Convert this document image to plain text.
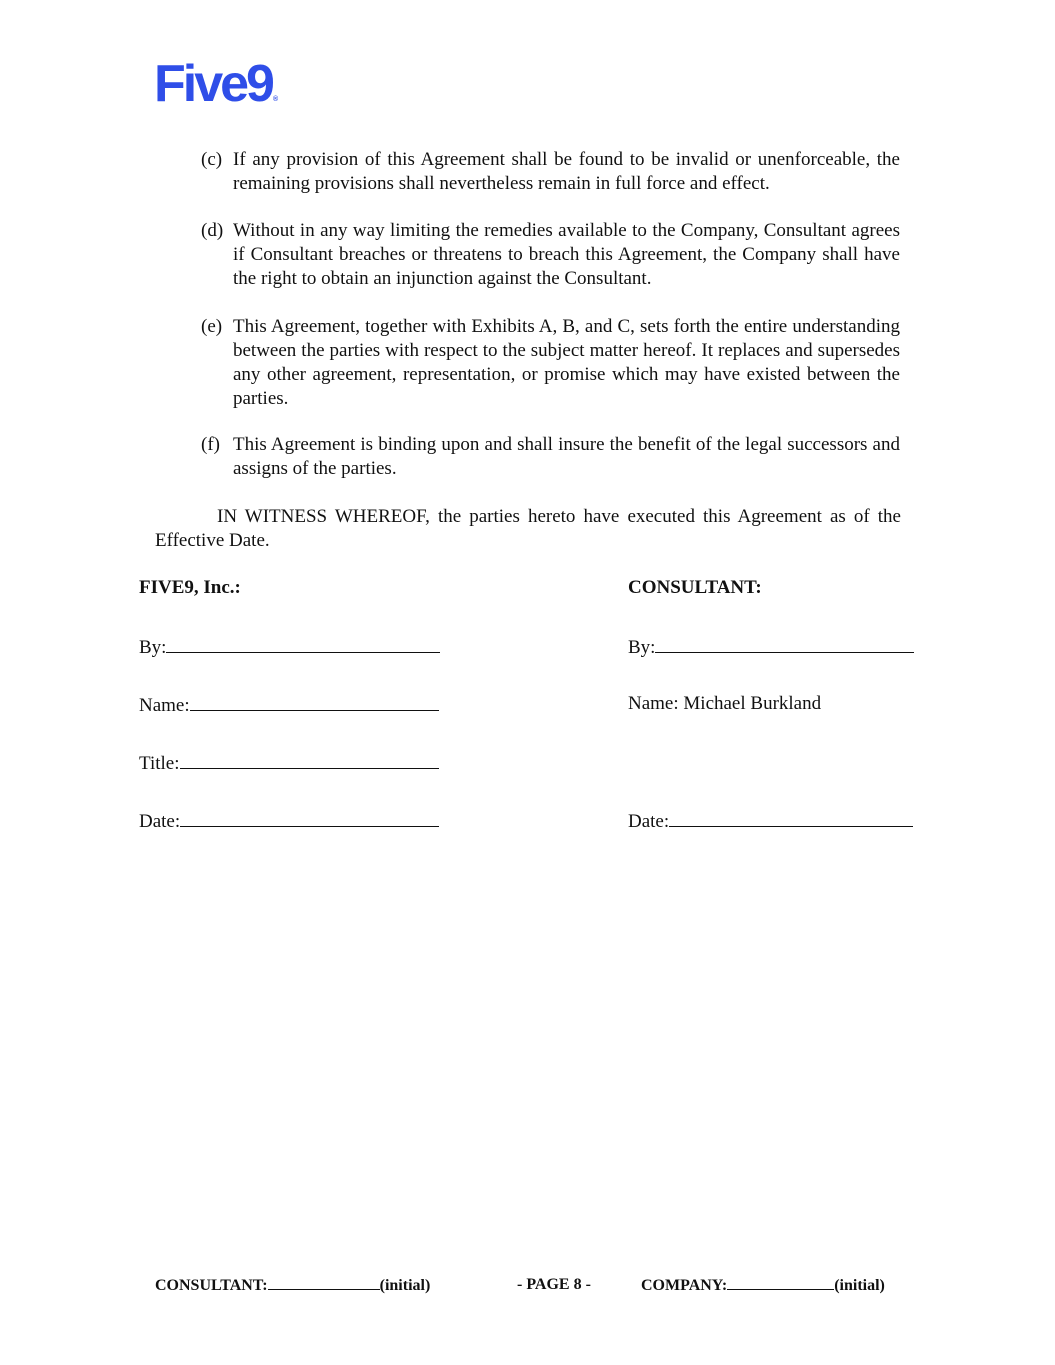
Five9®
(c) If any provision of this Agreement shall be found to be invalid or unenforceable, the remaining provisions shall nevertheless remain in full force and effect.
(d) Without in any way limiting the remedies available to the Company, Consultant agrees if Consultant breaches or threatens to breach this Agreement, the Company shall have the right to obtain an injunction against the Consultant.
(e) This Agreement, together with Exhibits A, B, and C, sets forth the entire understanding between the parties with respect to the subject matter hereof. It replaces and supersedes any other agreement, representation, or promise which may have existed between the parties.
(f) This Agreement is binding upon and shall insure the benefit of the legal successors and assigns of the parties.
IN WITNESS WHEREOF, the parties hereto have executed this Agreement as of the Effective Date.
FIVE9, Inc.:
By:
Name:
Title:
Date:
CONSULTANT:
By:
Name: Michael Burkland
Date:
CONSULTANT:	(initial)	- PAGE 8 -	COMPANY:	(initial)
